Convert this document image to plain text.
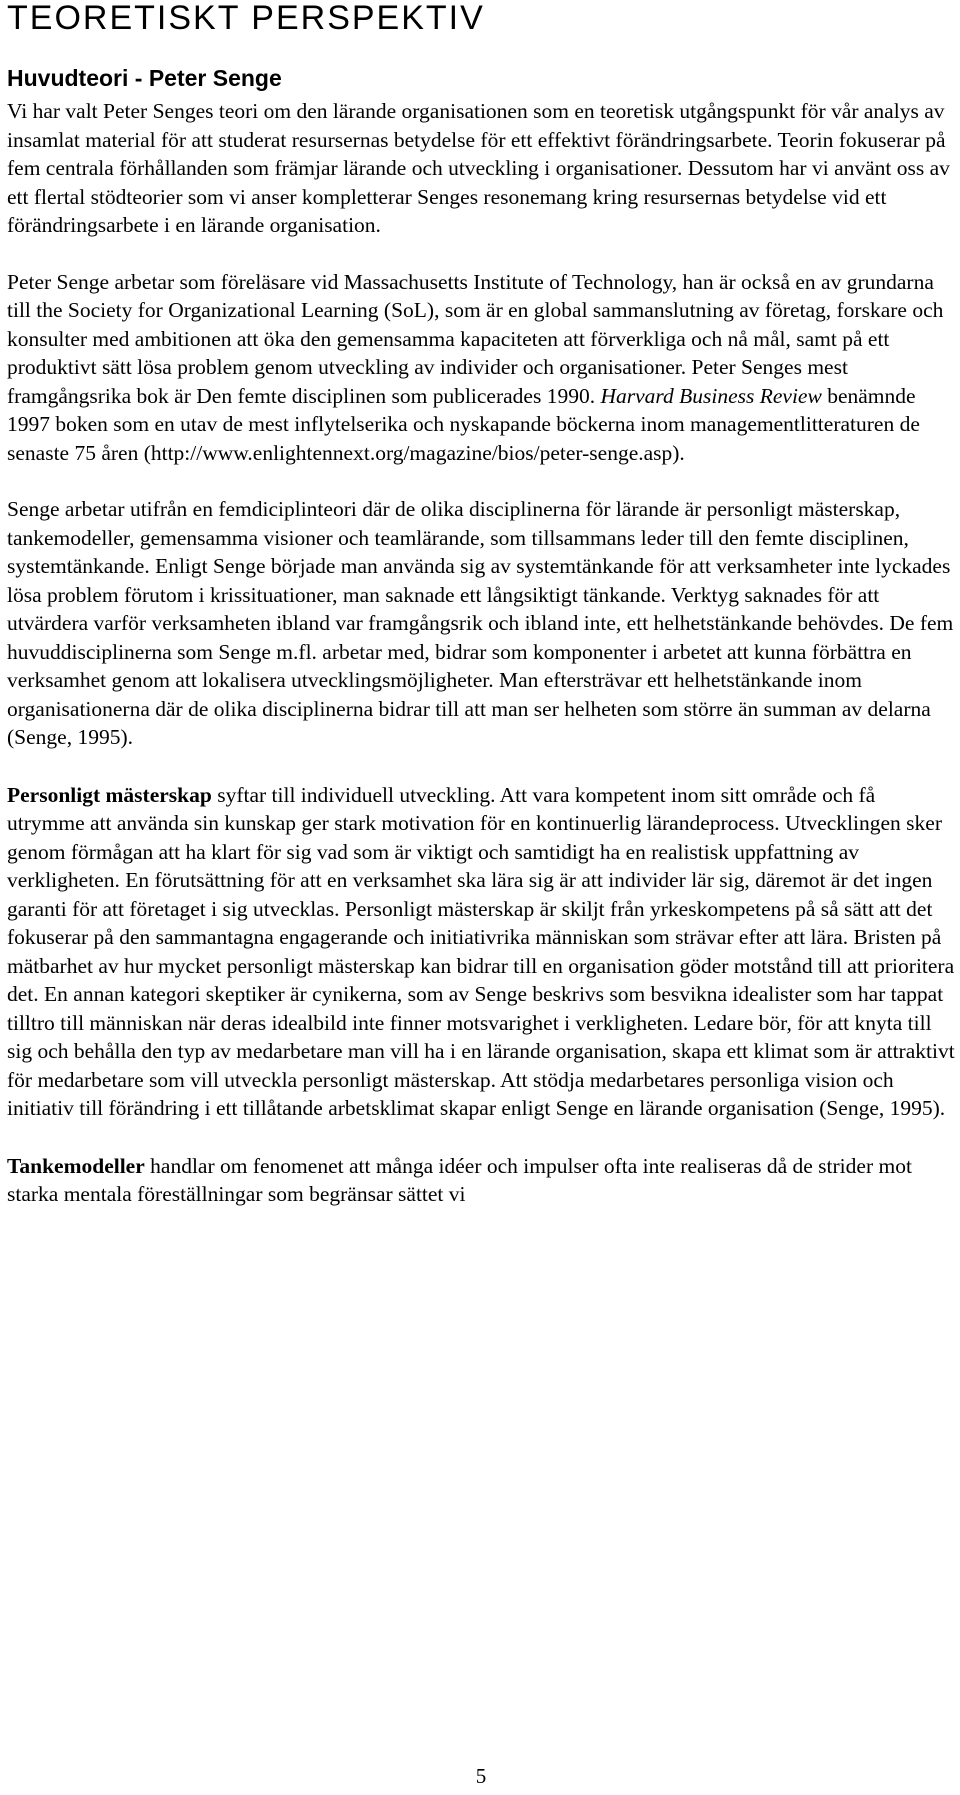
TEORETISKT PERSPEKTIV
Huvudteori - Peter Senge

Vi har valt Peter Senges teori om den lärande organisationen som en teoretisk utgångspunkt för vår analys av insamlat material för att studerat resursernas betydelse för ett effektivt förändringsarbete. Teorin fokuserar på fem centrala förhållanden som främjar lärande och utveckling i organisationer. Dessutom har vi använt oss av ett flertal stödteorier som vi anser kompletterar Senges resonemang kring resursernas betydelse vid ett förändringsarbete i en lärande organisation.

Peter Senge arbetar som föreläsare vid Massachusetts Institute of Technology, han är också en av grundarna till the Society for Organizational Learning (SoL), som är en global sammanslutning av företag, forskare och konsulter med ambitionen att öka den gemensamma kapaciteten att förverkliga och nå mål, samt på ett produktivt sätt lösa problem genom utveckling av individer och organisationer. Peter Senges mest framgångsrika bok är Den femte disciplinen som publicerades 1990. Harvard Business Review benämnde 1997 boken som en utav de mest inflytelserika och nyskapande böckerna inom managementlitteraturen de senaste 75 åren (http://www.enlightennext.org/magazine/bios/peter-senge.asp).

Senge arbetar utifrån en femdiciplinteori där de olika disciplinerna för lärande är personligt mästerskap, tankemodeller, gemensamma visioner och teamlärande, som tillsammans leder till den femte disciplinen, systemtänkande. Enligt Senge började man använda sig av systemtänkande för att verksamheter inte lyckades lösa problem förutom i krissituationer, man saknade ett långsiktigt tänkande. Verktyg saknades för att utvärdera varför verksamheten ibland var framgångsrik och ibland inte, ett helhetstänkande behövdes. De fem huvuddisciplinerna som Senge m.fl. arbetar med, bidrar som komponenter i arbetet att kunna förbättra en verksamhet genom att lokalisera utvecklingsmöjligheter. Man eftersträvar ett helhetstänkande inom organisationerna där de olika disciplinerna bidrar till att man ser helheten som större än summan av delarna (Senge, 1995).

Personligt mästerskap syftar till individuell utveckling. Att vara kompetent inom sitt område och få utrymme att använda sin kunskap ger stark motivation för en kontinuerlig lärandeprocess. Utvecklingen sker genom förmågan att ha klart för sig vad som är viktigt och samtidigt ha en realistisk uppfattning av verkligheten. En förutsättning för att en verksamhet ska lära sig är att individer lär sig, däremot är det ingen garanti för att företaget i sig utvecklas. Personligt mästerskap är skiljt från yrkeskompetens på så sätt att det fokuserar på den sammantagna engagerande och initiativrika människan som strävar efter att lära. Bristen på mätbarhet av hur mycket personligt mästerskap kan bidrar till en organisation göder motstånd till att prioritera det. En annan kategori skeptiker är cynikerna, som av Senge beskrivs som besvikna idealister som har tappat tilltro till människan när deras idealbild inte finner motsvarighet i verkligheten. Ledare bör, för att knyta till sig och behålla den typ av medarbetare man vill ha i en lärande organisation, skapa ett klimat som är attraktivt för medarbetare som vill utveckla personligt mästerskap. Att stödja medarbetares personliga vision och initiativ till förändring i ett tillåtande arbetsklimat skapar enligt Senge en lärande organisation (Senge, 1995).

Tankemodeller handlar om fenomenet att många idéer och impulser ofta inte realiseras då de strider mot starka mentala föreställningar som begränsar sättet vi

5
